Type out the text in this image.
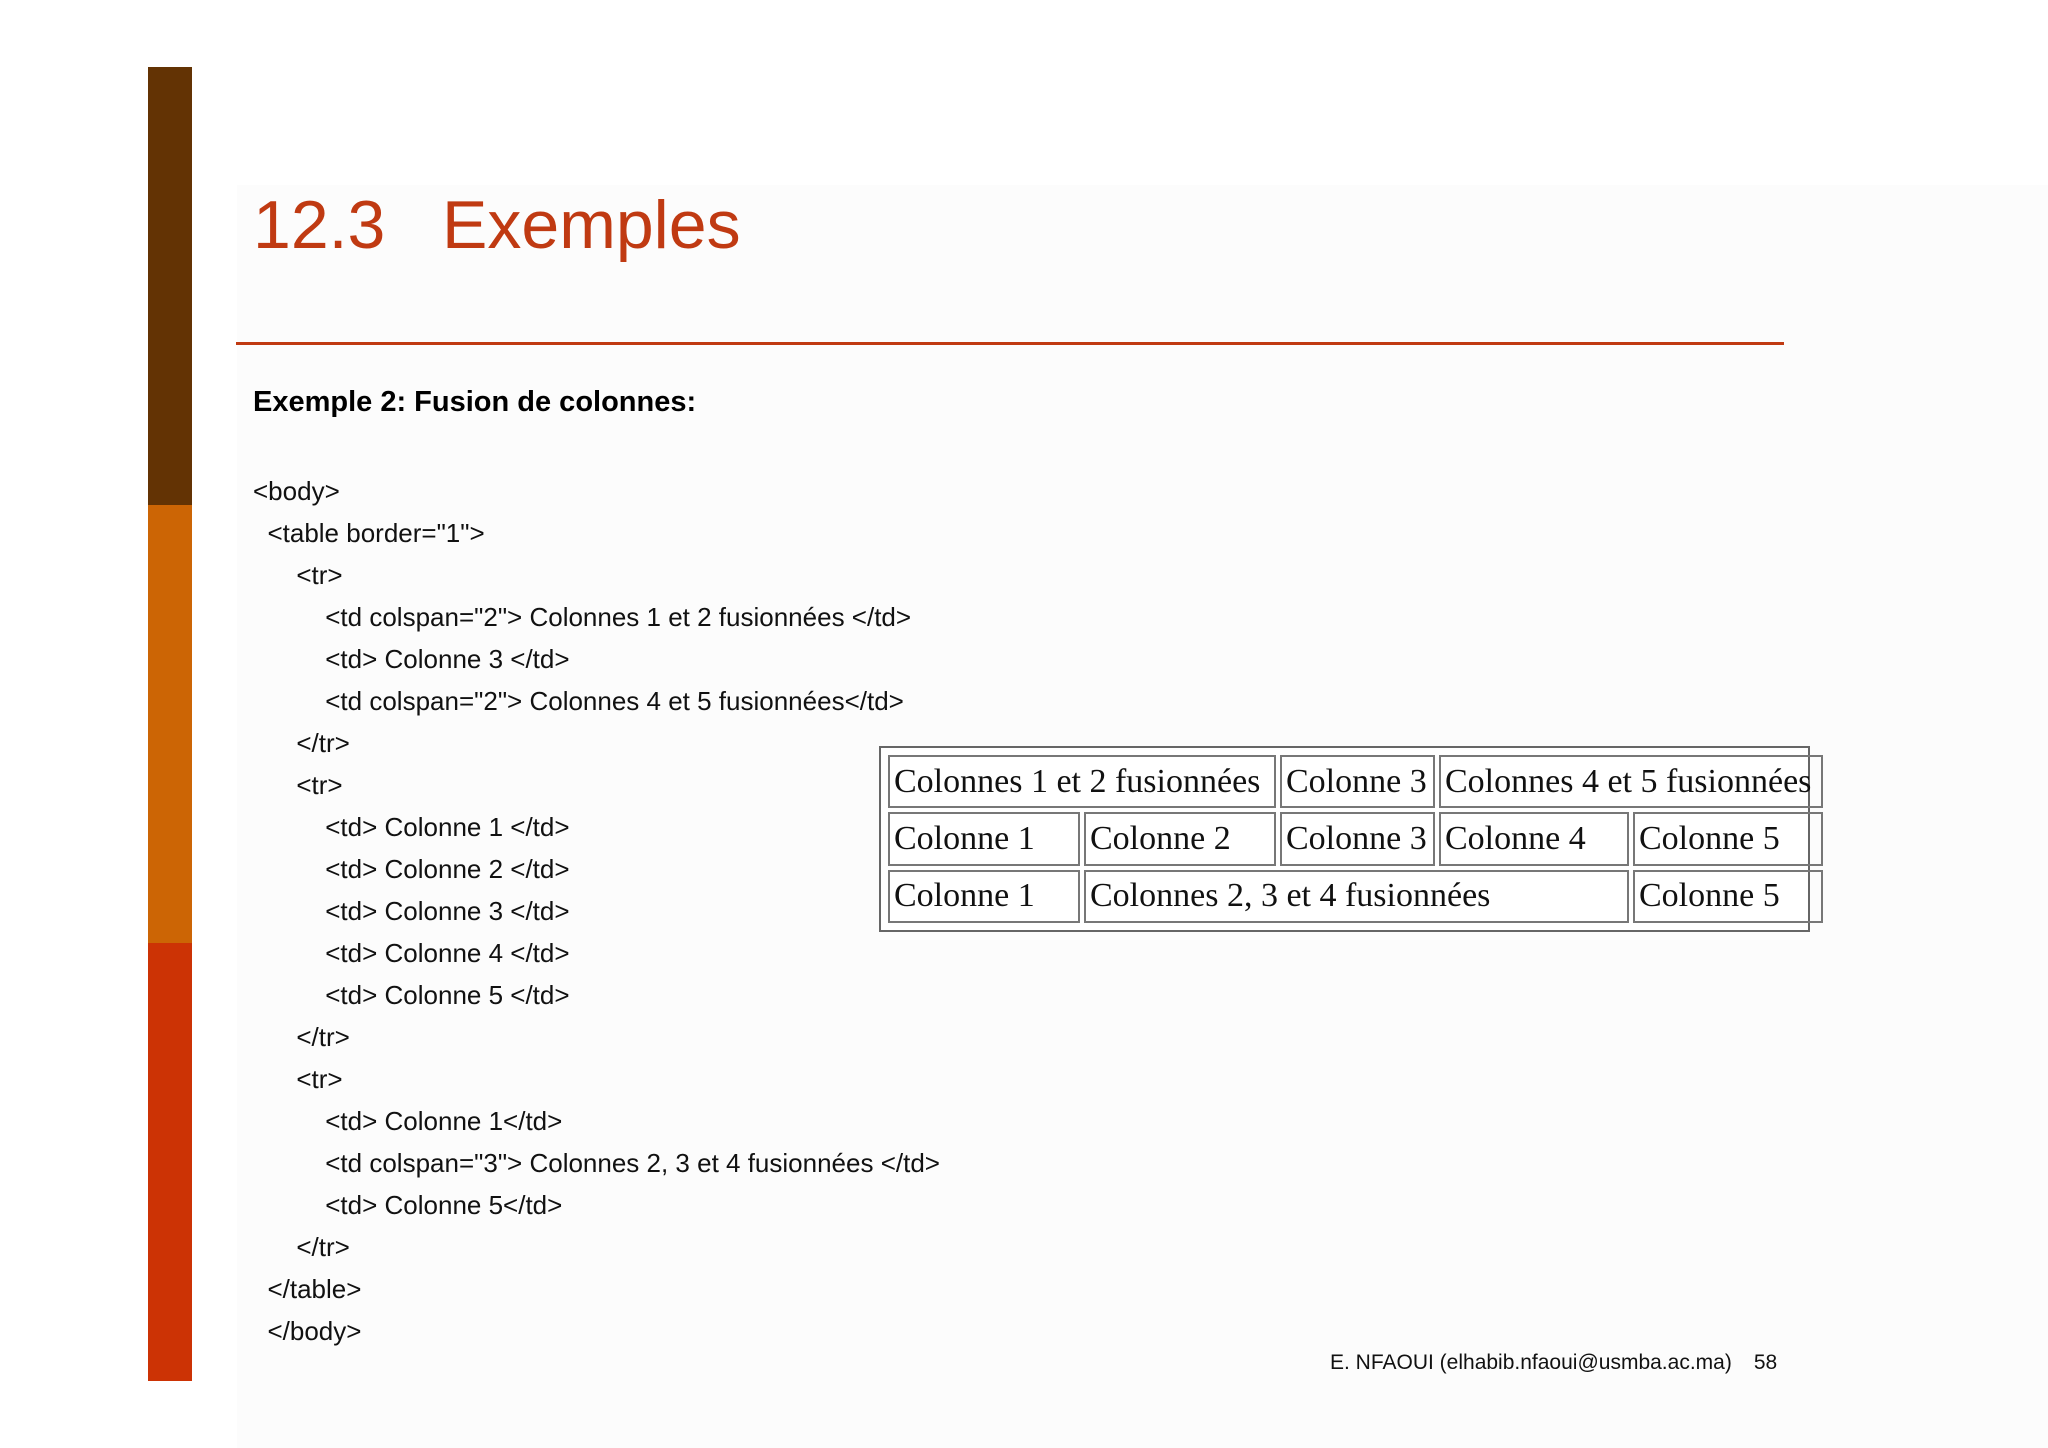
12.3   Exemples
Exemple 2: Fusion de colonnes:
<body>
<table border="1">
<tr>
<td colspan="2"> Colonnes 1 et 2 fusionnées </td>
<td> Colonne 3 </td>
<td colspan="2"> Colonnes 4 et 5 fusionnées</td>
</tr>
<tr>
<td> Colonne 1 </td>
<td> Colonne 2 </td>
<td> Colonne 3 </td>
<td> Colonne 4 </td>
<td> Colonne 5 </td>
</tr>
<tr>
<td> Colonne 1</td>
<td colspan="3"> Colonnes 2, 3 et 4 fusionnées </td>
<td> Colonne 5</td>
</tr>
</table>
</body>
Colonnes 1 et 2 fusionnées		Colonne 3	Colonnes 4 et 5 fusionnées	
Colonne 1	Colonne 2	Colonne 3	Colonne 4	Colonne 5
Colonne 1	Colonnes 2, 3 et 4 fusionnées			Colonne 5
E. NFAOUI (elhabib.nfaoui@usmba.ac.ma) 58
